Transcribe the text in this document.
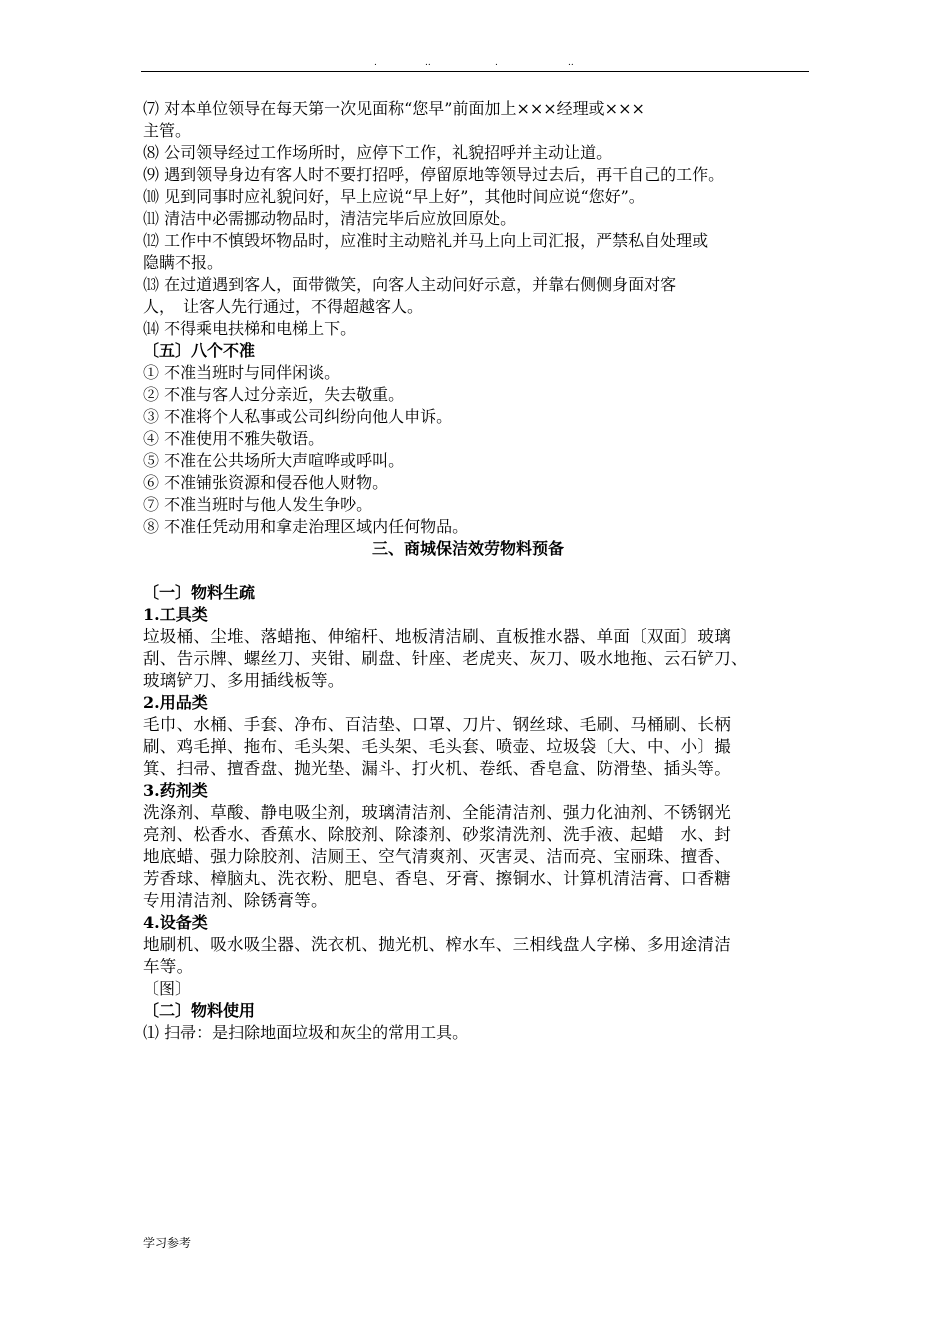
.	..	.	..
⑺ 对本单位领导在每天第一次见面称“您早”前面加上×××经理或×××
主管。
⑻ 公司领导经过工作场所时，应停下工作，礼貌招呼并主动让道。
⑼ 遇到领导身边有客人时不要打招呼，停留原地等领导过去后，再干自己的工作。
⑽ 见到同事时应礼貌问好，早上应说“早上好”，其他时间应说“您好”。
⑾ 清洁中必需挪动物品时，清洁完毕后应放回原处。
⑿ 工作中不慎毁坏物品时，应准时主动赔礼并马上向上司汇报，严禁私自处理或
隐瞒不报。
⒀ 在过道遇到客人，面带微笑，向客人主动问好示意，并靠右侧侧身面对客
人，　让客人先行通过，不得超越客人。
⒁ 不得乘电扶梯和电梯上下。
〔五〕八个不准
① 不准当班时与同伴闲谈。
② 不准与客人过分亲近，失去敬重。
③ 不准将个人私事或公司纠纷向他人申诉。
④ 不准使用不雅失敬语。
⑤ 不准在公共场所大声喧哗或呼叫。
⑥ 不准铺张资源和侵吞他人财物。
⑦ 不准当班时与他人发生争吵。
⑧ 不准任凭动用和拿走治理区域内任何物品。
三、商城保洁效劳物料预备
〔一〕物料生疏
1.工具类
垃圾桶、尘堆、落蜡拖、伸缩杆、地板清洁刷、直板推水器、单面〔双面〕玻璃
刮、告示牌、螺丝刀、夹钳、刷盘、针座、老虎夹、灰刀、吸水地拖、云石铲刀、
玻璃铲刀、多用插线板等。
2.用品类
毛巾、水桶、手套、净布、百洁垫、口罩、刀片、钢丝球、毛刷、马桶刷、长柄
刷、鸡毛掸、拖布、毛头架、毛头架、毛头套、喷壶、垃圾袋〔大、中、小〕撮
箕、扫帚、擅香盘、抛光垫、漏斗、打火机、卷纸、香皂盒、防滑垫、插头等。
3.药剂类
洗涤剂、草酸、静电吸尘剂，玻璃清洁剂、全能清洁剂、强力化油剂、不锈钢光
亮剂、松香水、香蕉水、除胶剂、除漆剂、砂浆清洗剂、洗手液、起蜡　水、封
地底蜡、强力除胶剂、洁厕王、空气清爽剂、灭害灵、洁而亮、宝丽珠、擅香、
芳香球、樟脑丸、洗衣粉、肥皂、香皂、牙膏、擦铜水、计算机清洁膏、口香糖
专用清洁剂、除锈膏等。
4.设备类
地刷机、吸水吸尘器、洗衣机、抛光机、榨水车、三相线盘人字梯、多用途清洁
车等。
〔图〕
〔二〕物料使用
⑴ 扫帚：是扫除地面垃圾和灰尘的常用工具。
学习参考
